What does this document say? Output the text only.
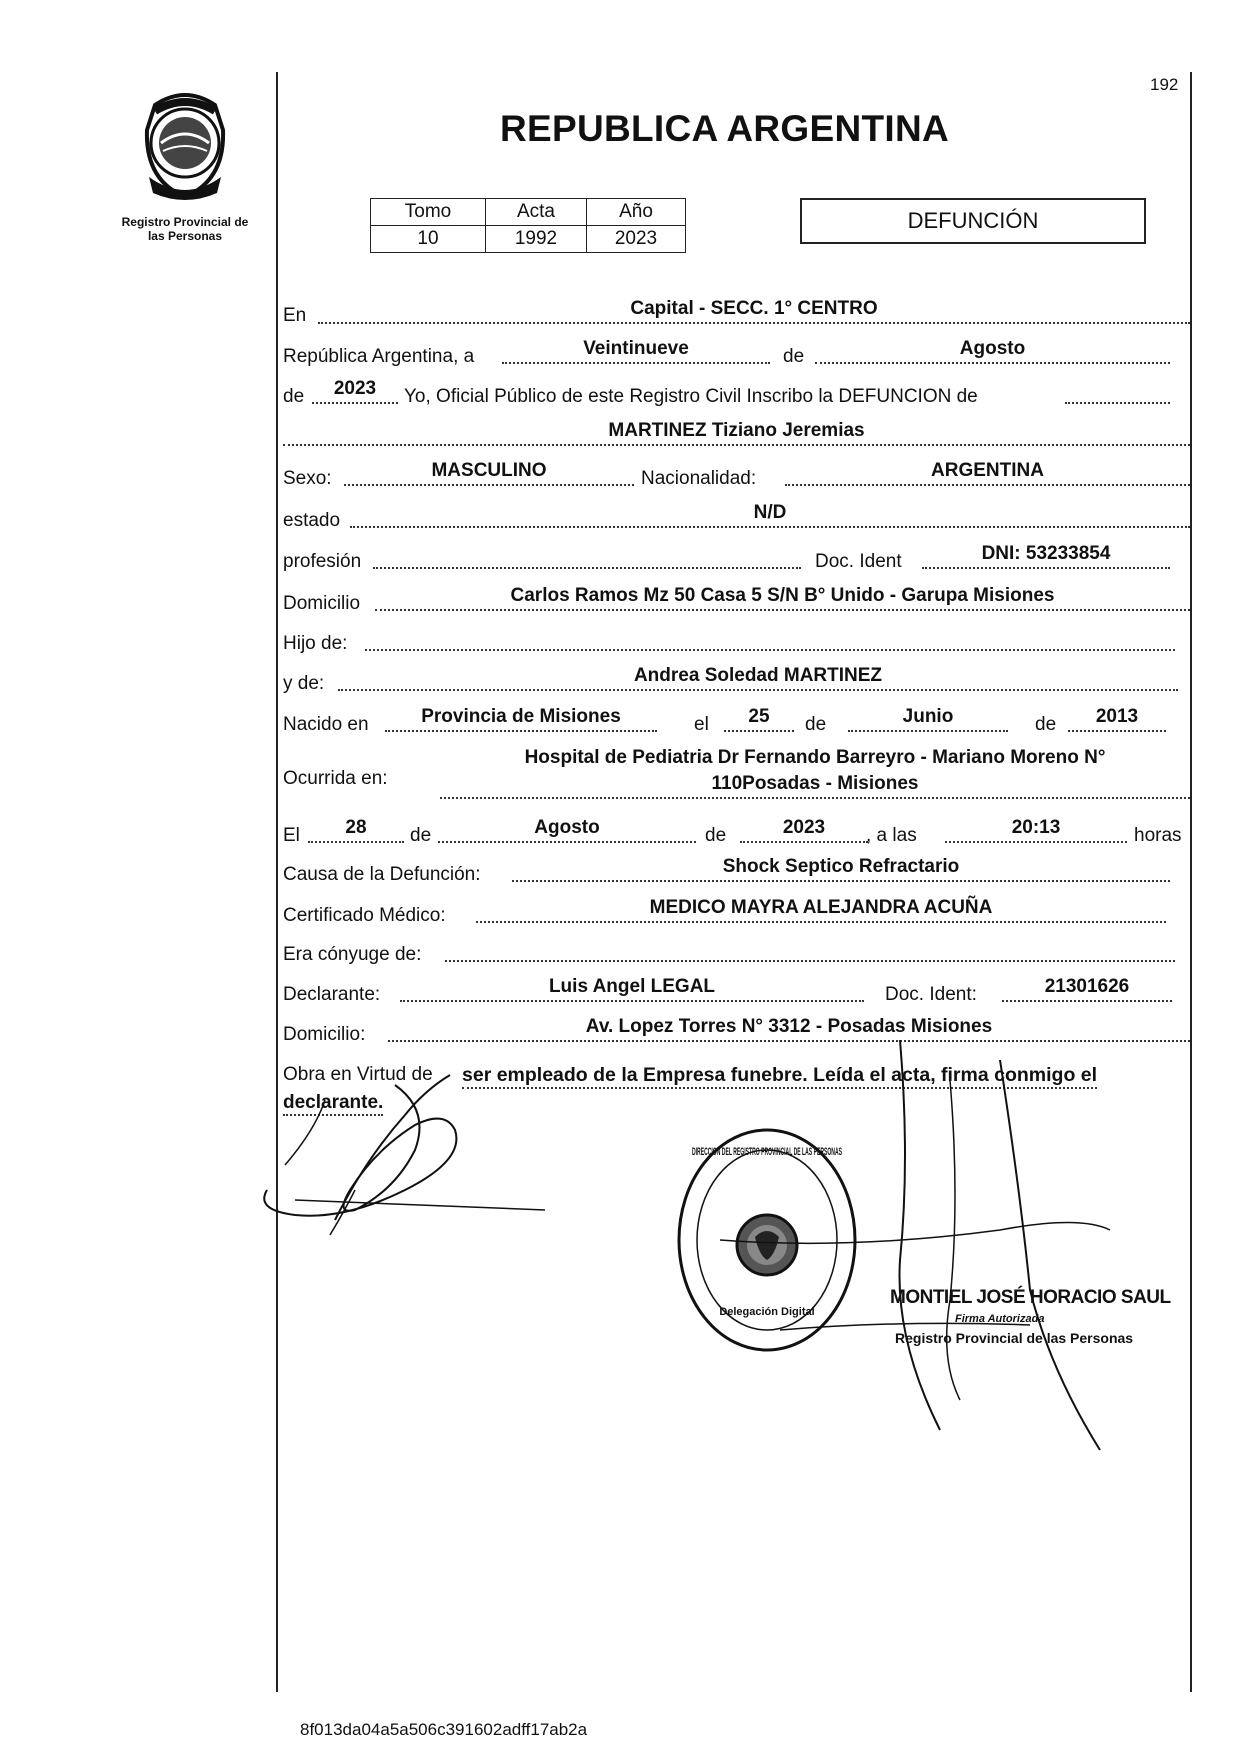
Registro Provincial de
las Personas
192
REPUBLICA ARGENTINA
Tomo	Acta	Año
10	1992	2023
DEFUNCIÓN
En	Capital - SECC. 1° CENTRO
República Argentina, a	Veintinueve	de	Agosto
de	2023	Yo, Oficial Público de este Registro Civil Inscribo la DEFUNCION de
MARTINEZ Tiziano Jeremias
Sexo:	MASCULINO	Nacionalidad:	ARGENTINA
estado	N/D
profesión	Doc. Ident	DNI: 53233854
Domicilio	Carlos Ramos Mz 50 Casa 5 S/N B° Unido - Garupa Misiones
Hijo de:
y de:	Andrea Soledad MARTINEZ
Nacido en	Provincia de Misiones	el	25	de	Junio	de	2013
Ocurrida en:
Hospital de Pediatria Dr Fernando Barreyro - Mariano Moreno N°
110Posadas - Misiones
El	28	de	Agosto	de	2023	, a las	20:13	horas
Causa de la Defunción:	Shock Septico Refractario
Certificado Médico:	MEDICO MAYRA ALEJANDRA ACUÑA
Era cónyuge de:
Declarante:	Luis Angel LEGAL	Doc. Ident:	21301626
Domicilio:	Av. Lopez Torres N° 3312 - Posadas Misiones
Obra en Virtud de ser empleado de la Empresa funebre. Leída el acta, firma conmigo el
declarante.
DIRECCION DEL REGISTRO PROVINCIAL DE LAS PERSONAS
Delegación Digital
MONTIEL JOSÉ HORACIO SAUL
Firma Autorizada
Registro Provincial de las Personas
8f013da04a5a506c391602adff17ab2a
